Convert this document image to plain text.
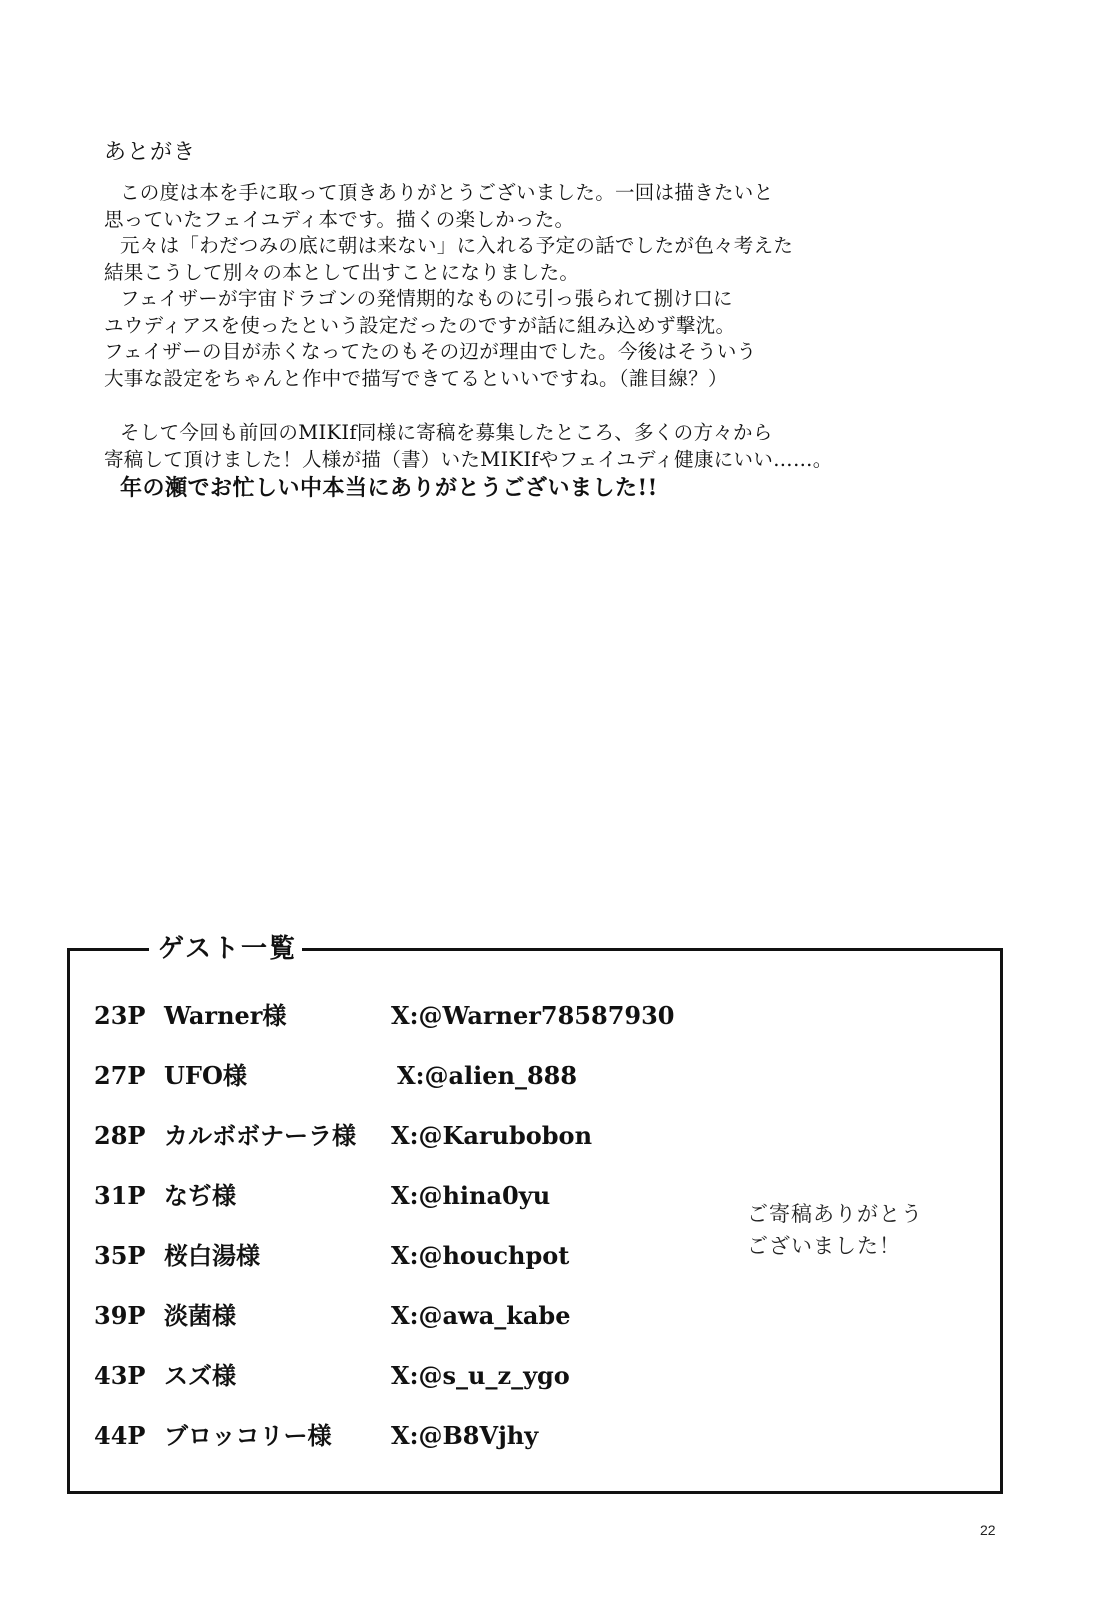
あとがき

この度は本を手に取って頂きありがとうございました。一回は描きたいと

思っていたフェイユディ本です。描くの楽しかった。

元々は「わだつみの底に朝は来ない」に入れる予定の話でしたが色々考えた

結果こうして別々の本として出すことになりました。

フェイザーが宇宙ドラゴンの発情期的なものに引っ張られて捌け口に

ユウディアスを使ったという設定だったのですが話に組み込めず撃沈。

フェイザーの目が赤くなってたのもその辺が理由でした。今後はそういう

大事な設定をちゃんと作中で描写できてるといいですね。（誰目線？）

そして今回も前回のMIKIf同様に寄稿を募集したところ、多くの方々から

寄稿して頂けました！人様が描（書）いたMIKIfやフェイユディ健康にいい……。

年の瀬でお忙しい中本当にありがとうございました!!
ゲスト一覧
23P Warner様	X:@Warner78587930
27P UFO様	X:@alien_888
28P カルボボナーラ様	X:@Karubobon
31P なぢ様	X:@hina0yu
35P 桜白湯様	X:@houchpot
39P 淡菌様	X:@awa_kabe
43P スズ様	X:@s_u_z_ygo
44P ブロッコリー様	X:@B8Vjhy
ご寄稿ありがとう
ございました！
22
